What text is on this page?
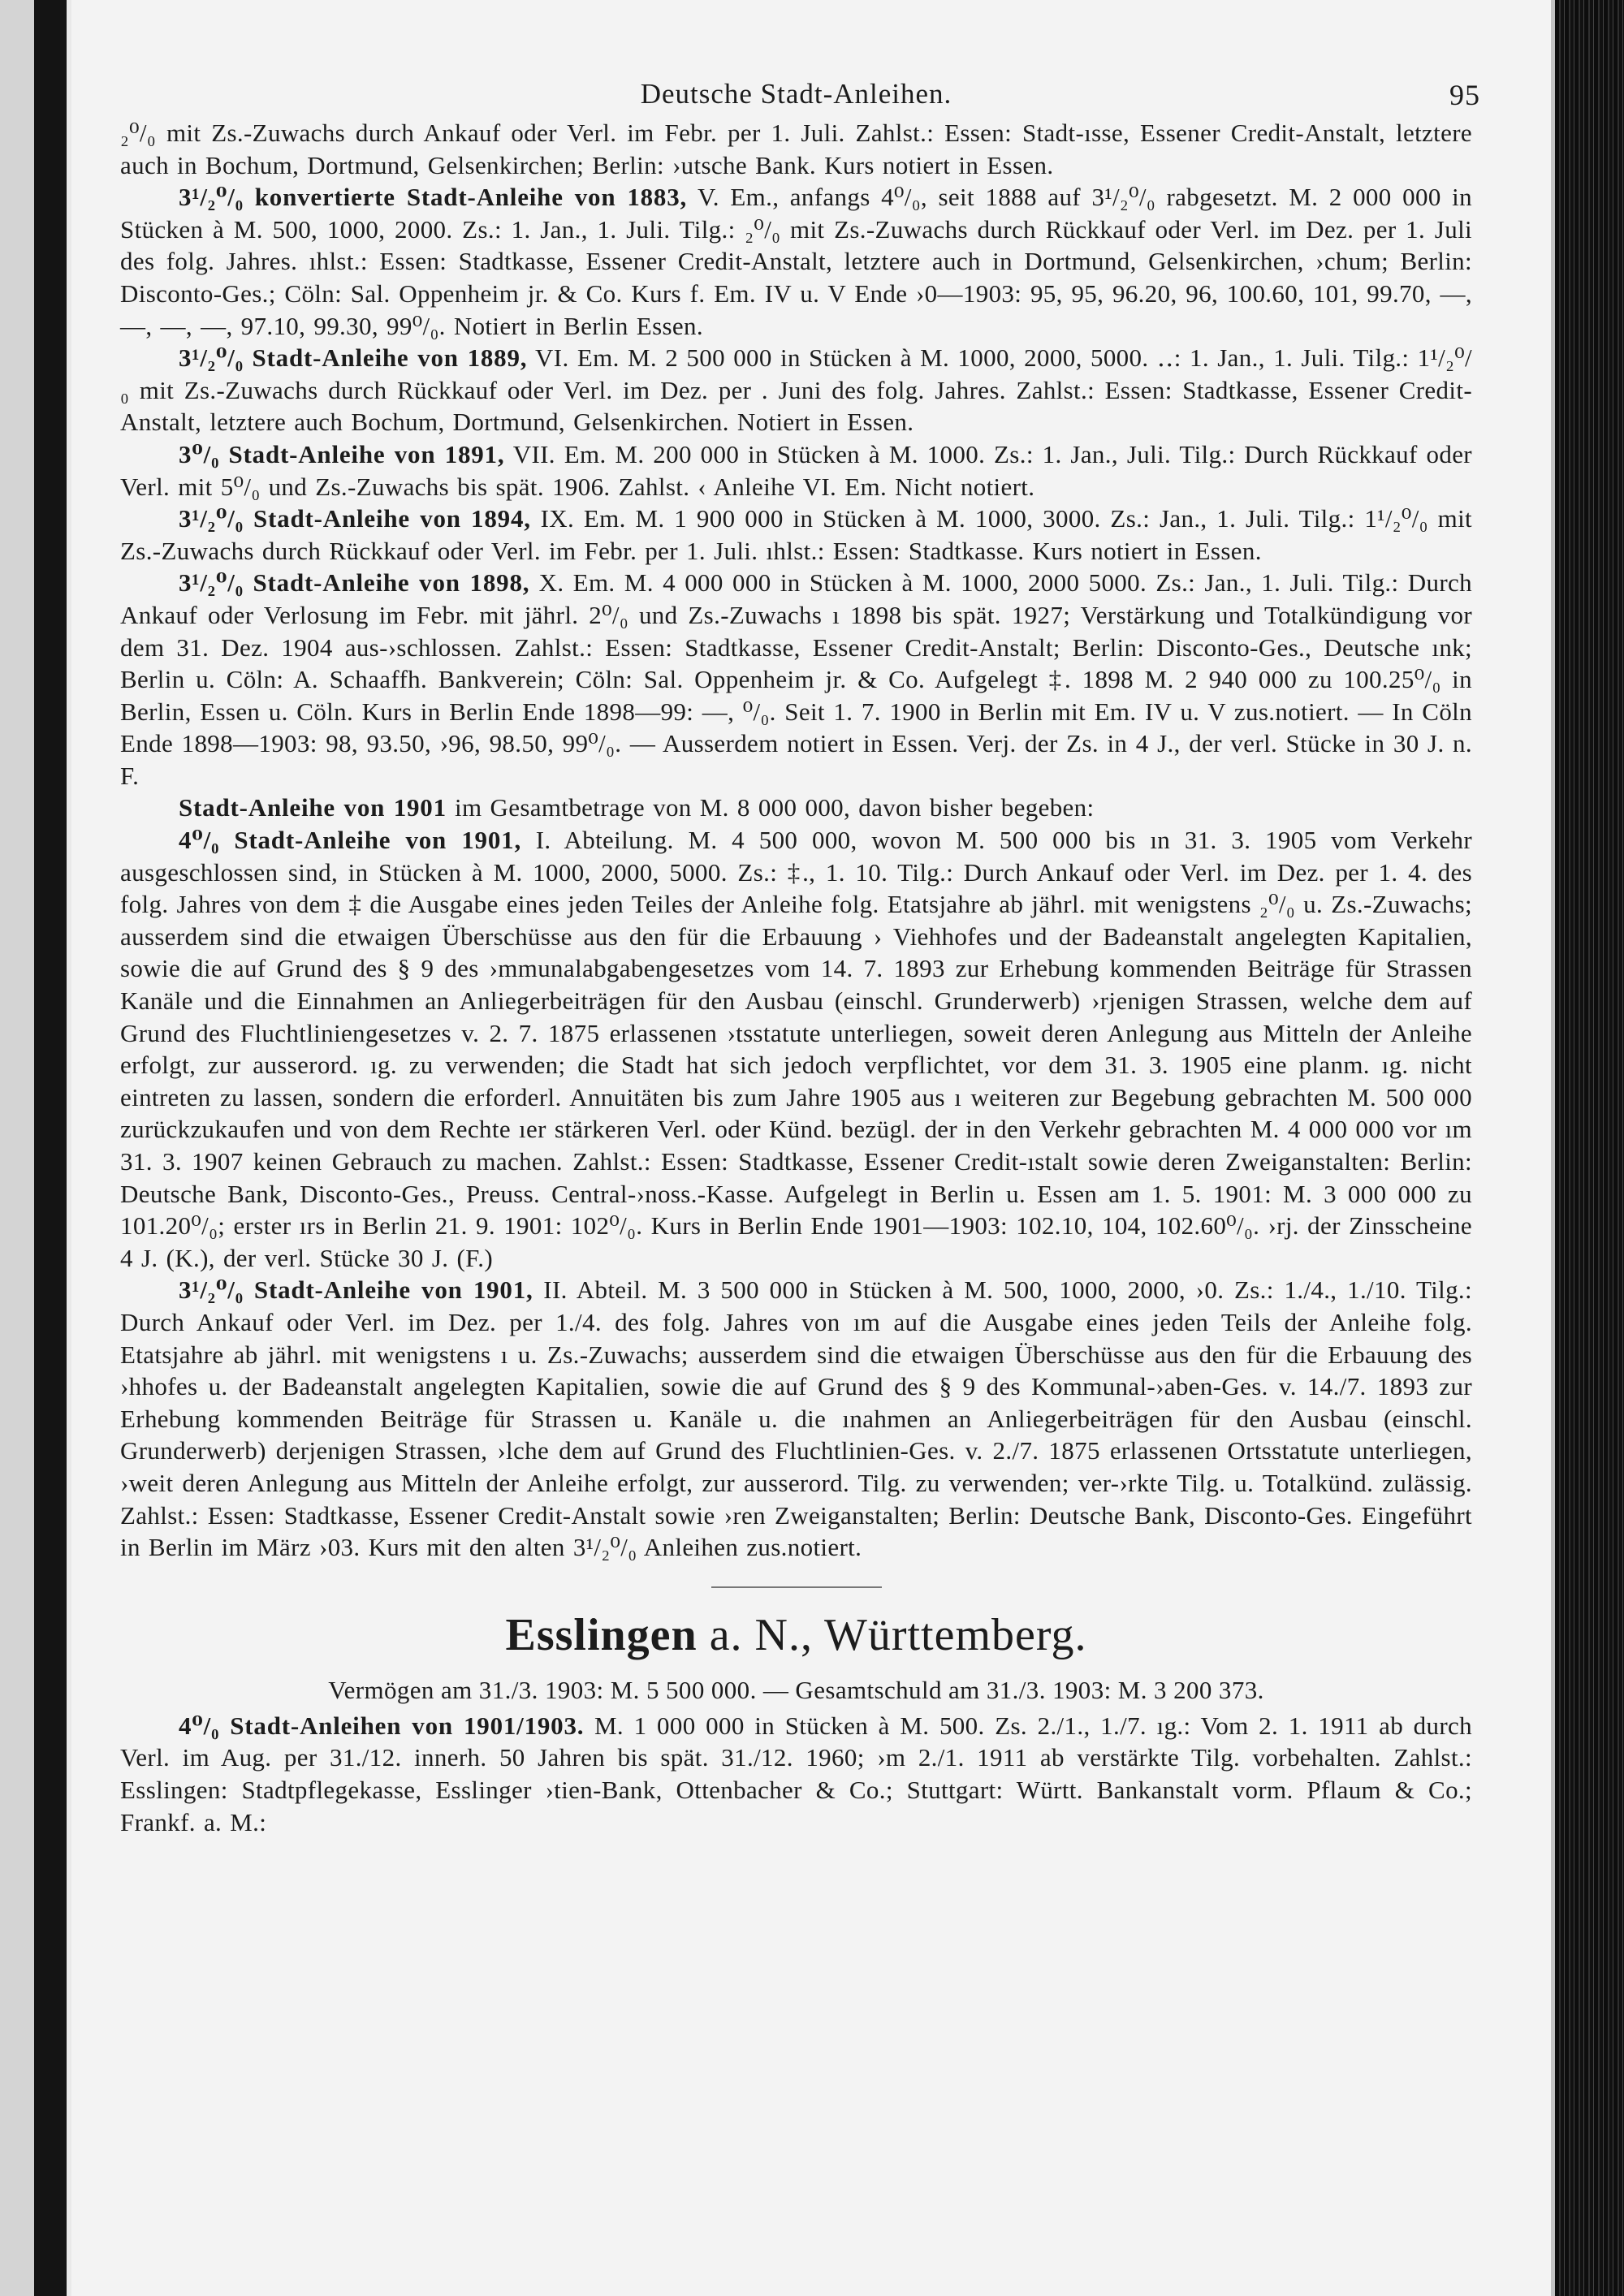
Deutsche Stadt-Anleihen.	95

₂⁰/₀ mit Zs.-Zuwachs durch Ankauf oder Verl. im Febr. per 1. Juli. Zahlst.: Essen: Stadt-ısse, Essener Credit-Anstalt, letztere auch in Bochum, Dortmund, Gelsenkirchen; Berlin: ›utsche Bank. Kurs notiert in Essen.

3¹/₂⁰/₀ konvertierte Stadt-Anleihe von 1883, V. Em., anfangs 4⁰/₀, seit 1888 auf 3¹/₂⁰/₀ rabgesetzt. M. 2 000 000 in Stücken à M. 500, 1000, 2000. Zs.: 1. Jan., 1. Juli. Tilg.: ₂⁰/₀ mit Zs.-Zuwachs durch Rückkauf oder Verl. im Dez. per 1. Juli des folg. Jahres. ıhlst.: Essen: Stadtkasse, Essener Credit-Anstalt, letztere auch in Dortmund, Gelsenkirchen, ›chum; Berlin: Disconto-Ges.; Cöln: Sal. Oppenheim jr. & Co. Kurs f. Em. IV u. V Ende ›0—1903: 95, 95, 96.20, 96, 100.60, 101, 99.70, —, —, —, —, 97.10, 99.30, 99⁰/₀. Notiert in Berlin Essen.

3¹/₂⁰/₀ Stadt-Anleihe von 1889, VI. Em. M. 2 500 000 in Stücken à M. 1000, 2000, 5000. ‥: 1. Jan., 1. Juli. Tilg.: 1¹/₂⁰/₀ mit Zs.-Zuwachs durch Rückkauf oder Verl. im Dez. per . Juni des folg. Jahres. Zahlst.: Essen: Stadtkasse, Essener Credit-Anstalt, letztere auch Bochum, Dortmund, Gelsenkirchen. Notiert in Essen.

3⁰/₀ Stadt-Anleihe von 1891, VII. Em. M. 200 000 in Stücken à M. 1000. Zs.: 1. Jan., Juli. Tilg.: Durch Rückkauf oder Verl. mit 5⁰/₀ und Zs.-Zuwachs bis spät. 1906. Zahlst. ‹ Anleihe VI. Em. Nicht notiert.

3¹/₂⁰/₀ Stadt-Anleihe von 1894, IX. Em. M. 1 900 000 in Stücken à M. 1000, 3000. Zs.: Jan., 1. Juli. Tilg.: 1¹/₂⁰/₀ mit Zs.-Zuwachs durch Rückkauf oder Verl. im Febr. per 1. Juli. ıhlst.: Essen: Stadtkasse. Kurs notiert in Essen.

3¹/₂⁰/₀ Stadt-Anleihe von 1898, X. Em. M. 4 000 000 in Stücken à M. 1000, 2000 5000. Zs.: Jan., 1. Juli. Tilg.: Durch Ankauf oder Verlosung im Febr. mit jährl. 2⁰/₀ und Zs.-Zuwachs ı 1898 bis spät. 1927; Verstärkung und Totalkündigung vor dem 31. Dez. 1904 aus-›schlossen. Zahlst.: Essen: Stadtkasse, Essener Credit-Anstalt; Berlin: Disconto-Ges., Deutsche ınk; Berlin u. Cöln: A. Schaaffh. Bankverein; Cöln: Sal. Oppenheim jr. & Co. Aufgelegt ‡. 1898 M. 2 940 000 zu 100.25⁰/₀ in Berlin, Essen u. Cöln. Kurs in Berlin Ende 1898—99: —, ⁰/₀. Seit 1. 7. 1900 in Berlin mit Em. IV u. V zus.notiert. — In Cöln Ende 1898—1903: 98, 93.50, ›96, 98.50, 99⁰/₀. — Ausserdem notiert in Essen. Verj. der Zs. in 4 J., der verl. Stücke in 30 J. n. F.

Stadt-Anleihe von 1901 im Gesamtbetrage von M. 8 000 000, davon bisher begeben:

4⁰/₀ Stadt-Anleihe von 1901, I. Abteilung. M. 4 500 000, wovon M. 500 000 bis ın 31. 3. 1905 vom Verkehr ausgeschlossen sind, in Stücken à M. 1000, 2000, 5000. Zs.: ‡., 1. 10. Tilg.: Durch Ankauf oder Verl. im Dez. per 1. 4. des folg. Jahres von dem ‡ die Ausgabe eines jeden Teiles der Anleihe folg. Etatsjahre ab jährl. mit wenigstens ₂⁰/₀ u. Zs.-Zuwachs; ausserdem sind die etwaigen Überschüsse aus den für die Erbauung › Viehhofes und der Badeanstalt angelegten Kapitalien, sowie die auf Grund des § 9 des ›mmunalabgabengesetzes vom 14. 7. 1893 zur Erhebung kommenden Beiträge für Strassen Kanäle und die Einnahmen an Anliegerbeiträgen für den Ausbau (einschl. Grunderwerb) ›rjenigen Strassen, welche dem auf Grund des Fluchtliniengesetzes v. 2. 7. 1875 erlassenen ›tsstatute unterliegen, soweit deren Anlegung aus Mitteln der Anleihe erfolgt, zur ausserord. ıg. zu verwenden; die Stadt hat sich jedoch verpflichtet, vor dem 31. 3. 1905 eine planm. ıg. nicht eintreten zu lassen, sondern die erforderl. Annuitäten bis zum Jahre 1905 aus ı weiteren zur Begebung gebrachten M. 500 000 zurückzukaufen und von dem Rechte ıer stärkeren Verl. oder Künd. bezügl. der in den Verkehr gebrachten M. 4 000 000 vor ım 31. 3. 1907 keinen Gebrauch zu machen. Zahlst.: Essen: Stadtkasse, Essener Credit-ıstalt sowie deren Zweiganstalten: Berlin: Deutsche Bank, Disconto-Ges., Preuss. Central-›noss.-Kasse. Aufgelegt in Berlin u. Essen am 1. 5. 1901: M. 3 000 000 zu 101.20⁰/₀; erster ırs in Berlin 21. 9. 1901: 102⁰/₀. Kurs in Berlin Ende 1901—1903: 102.10, 104, 102.60⁰/₀. ›rj. der Zinsscheine 4 J. (K.), der verl. Stücke 30 J. (F.)

3¹/₂⁰/₀ Stadt-Anleihe von 1901, II. Abteil. M. 3 500 000 in Stücken à M. 500, 1000, 2000, ›0. Zs.: 1./4., 1./10. Tilg.: Durch Ankauf oder Verl. im Dez. per 1./4. des folg. Jahres von ım auf die Ausgabe eines jeden Teils der Anleihe folg. Etatsjahre ab jährl. mit wenigstens ı u. Zs.-Zuwachs; ausserdem sind die etwaigen Überschüsse aus den für die Erbauung des ›hhofes u. der Badeanstalt angelegten Kapitalien, sowie die auf Grund des § 9 des Kommunal-›aben-Ges. v. 14./7. 1893 zur Erhebung kommenden Beiträge für Strassen u. Kanäle u. die ınahmen an Anliegerbeiträgen für den Ausbau (einschl. Grunderwerb) derjenigen Strassen, ›lche dem auf Grund des Fluchtlinien-Ges. v. 2./7. 1875 erlassenen Ortsstatute unterliegen, ›weit deren Anlegung aus Mitteln der Anleihe erfolgt, zur ausserord. Tilg. zu verwenden; ver-›rkte Tilg. u. Totalkünd. zulässig. Zahlst.: Essen: Stadtkasse, Essener Credit-Anstalt sowie ›ren Zweiganstalten; Berlin: Deutsche Bank, Disconto-Ges. Eingeführt in Berlin im März ›03. Kurs mit den alten 3¹/₂⁰/₀ Anleihen zus.notiert.

Esslingen a. N., Württemberg.

Vermögen am 31./3. 1903: M. 5 500 000. — Gesamtschuld am 31./3. 1903: M. 3 200 373.

4⁰/₀ Stadt-Anleihen von 1901/1903. M. 1 000 000 in Stücken à M. 500. Zs. 2./1., 1./7. ıg.: Vom 2. 1. 1911 ab durch Verl. im Aug. per 31./12. innerh. 50 Jahren bis spät. 31./12. 1960; ›m 2./1. 1911 ab verstärkte Tilg. vorbehalten. Zahlst.: Esslingen: Stadtpflegekasse, Esslinger ›tien-Bank, Ottenbacher & Co.; Stuttgart: Württ. Bankanstalt vorm. Pflaum & Co.; Frankf. a. M.:
